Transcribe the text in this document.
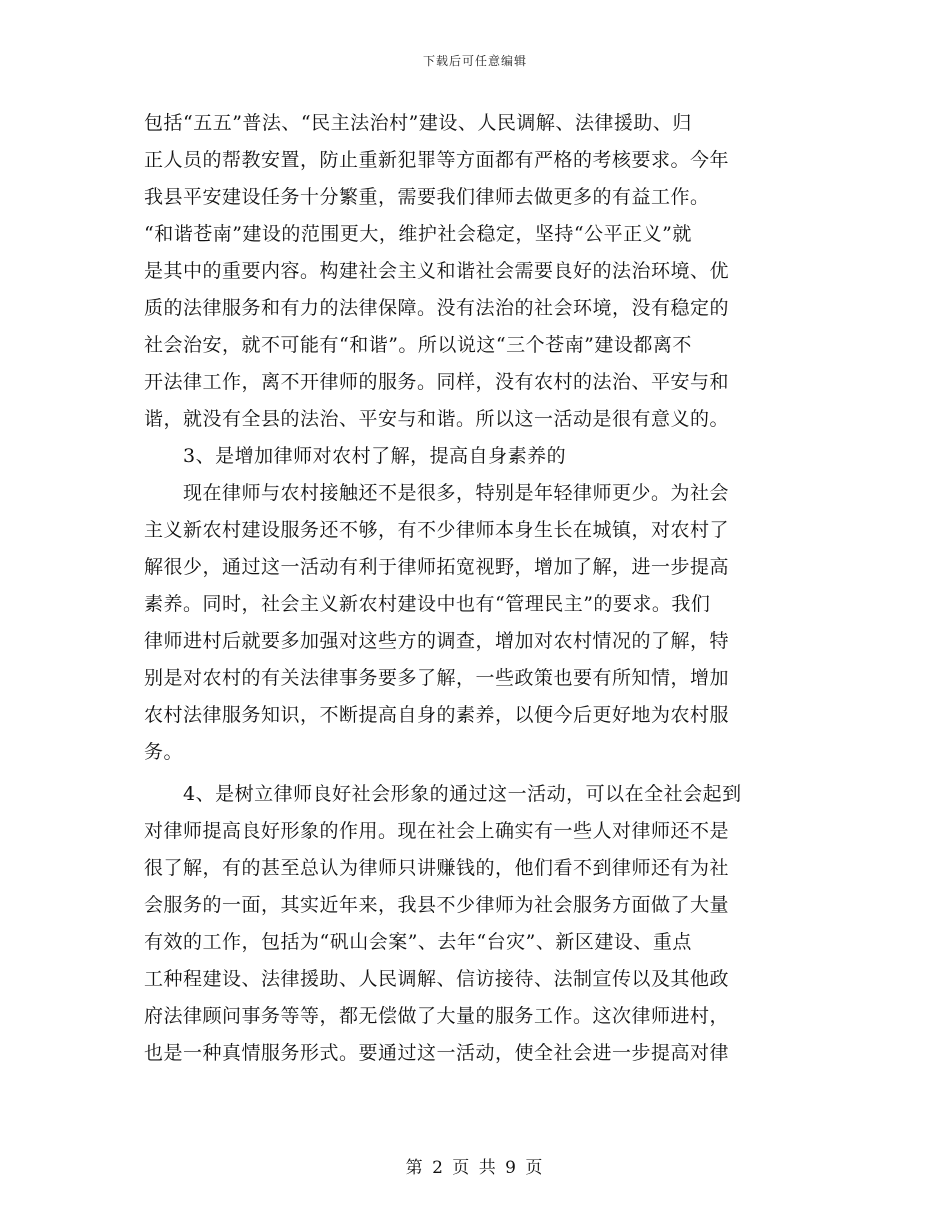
下载后可任意编辑
包括“五五”普法、“民主法治村”建设、人民调解、法律援助、归
正人员的帮教安置，防止重新犯罪等方面都有严格的考核要求。今年
我县平安建设任务十分繁重，需要我们律师去做更多的有益工作。
“和谐苍南”建设的范围更大，维护社会稳定，坚持“公平正义”就
是其中的重要内容。构建社会主义和谐社会需要良好的法治环境、优
质的法律服务和有力的法律保障。没有法治的社会环境，没有稳定的
社会治安，就不可能有“和谐”。所以说这“三个苍南”建设都离不
开法律工作，离不开律师的服务。同样，没有农村的法治、平安与和
谐，就没有全县的法治、平安与和谐。所以这一活动是很有意义的。
　　3、是增加律师对农村了解，提高自身素养的
　　现在律师与农村接触还不是很多，特别是年轻律师更少。为社会
主义新农村建设服务还不够，有不少律师本身生长在城镇，对农村了
解很少，通过这一活动有利于律师拓宽视野，增加了解，进一步提高
素养。同时，社会主义新农村建设中也有“管理民主”的要求。我们
律师进村后就要多加强对这些方的调查，增加对农村情况的了解，特
别是对农村的有关法律事务要多了解，一些政策也要有所知情，增加
农村法律服务知识，不断提高自身的素养，以便今后更好地为农村服
务。
　　4、是树立律师良好社会形象的通过这一活动，可以在全社会起到
对律师提高良好形象的作用。现在社会上确实有一些人对律师还不是
很了解，有的甚至总认为律师只讲赚钱的，他们看不到律师还有为社
会服务的一面，其实近年来，我县不少律师为社会服务方面做了大量
有效的工作，包括为“矾山会案”、去年“台灾”、新区建设、重点
工种程建设、法律援助、人民调解、信访接待、法制宣传以及其他政
府法律顾问事务等等，都无偿做了大量的服务工作。这次律师进村，
也是一种真情服务形式。要通过这一活动，使全社会进一步提高对律
第 2 页 共 9 页
